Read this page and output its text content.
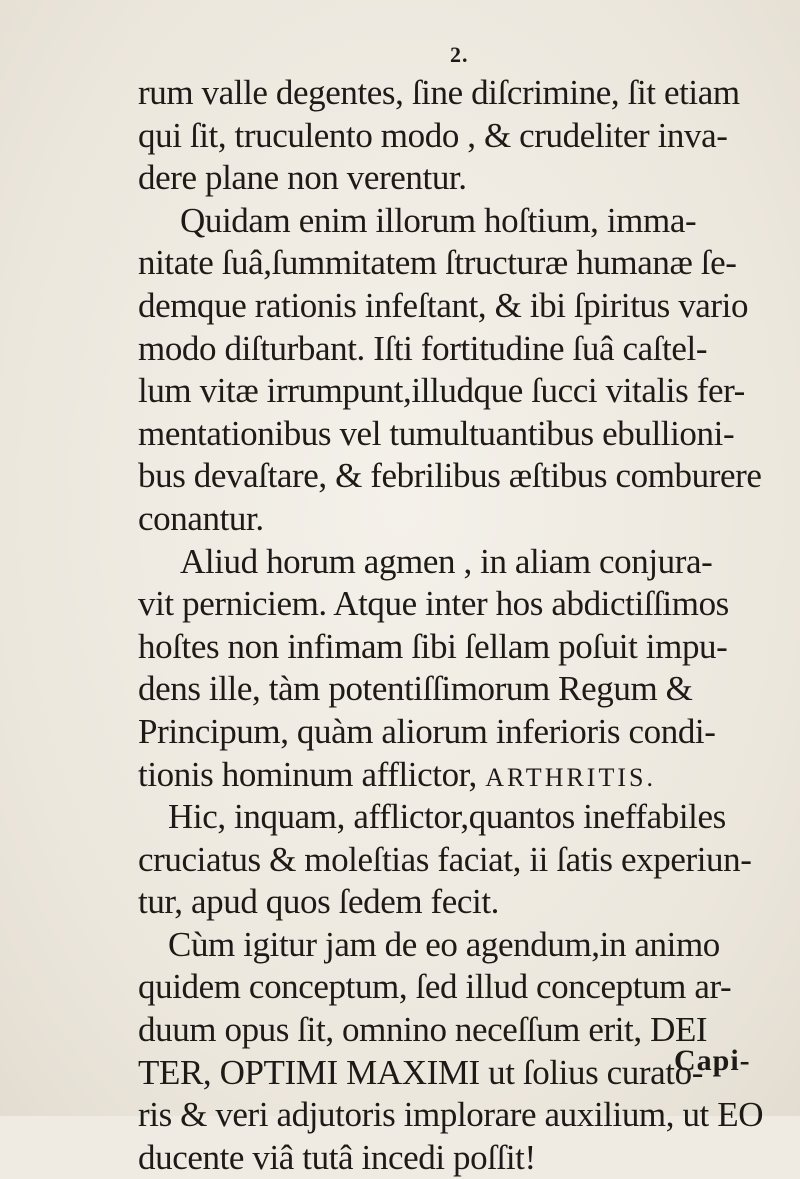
2.
rum valle degentes, ſine diſcrimine, ſit etiam
qui ſit, truculento modo , & crudeliter inva-
dere plane non verentur.
Quidam enim illorum hoſtium, imma-
nitate ſuâ,ſummitatem ſtructuræ humanæ ſe-
demque rationis infeſtant, & ibi ſpiritus vario
modo diſturbant. Iſti fortitudine ſuâ caſtel-
lum vitæ irrumpunt,illudque ſucci vitalis fer-
mentationibus vel tumultuantibus ebullioni-
bus devaſtare, & febrilibus æſtibus comburere
conantur.
Aliud horum agmen , in aliam conjura-
vit perniciem. Atque inter hos abdictiſſimos
hoſtes non infimam ſibi ſellam poſuit impu-
dens ille, tàm potentiſſimorum Regum &
Principum, quàm aliorum inferioris condi-
tionis hominum afflictor, ARTHRITIS.
Hic, inquam, afflictor,quantos ineffabiles
cruciatus & moleſtias faciat, ii ſatis experiun-
tur, apud quos ſedem fecit.
Cùm igitur jam de eo agendum,in animo
quidem conceptum, ſed illud conceptum ar-
duum opus ſit, omnino neceſſum erit, DEI
TER, OPTIMI MAXIMI ut ſolius curato-
ris & veri adjutoris implorare auxilium, ut EO
ducente viâ tutâ incedi poſſit!
Capi-
